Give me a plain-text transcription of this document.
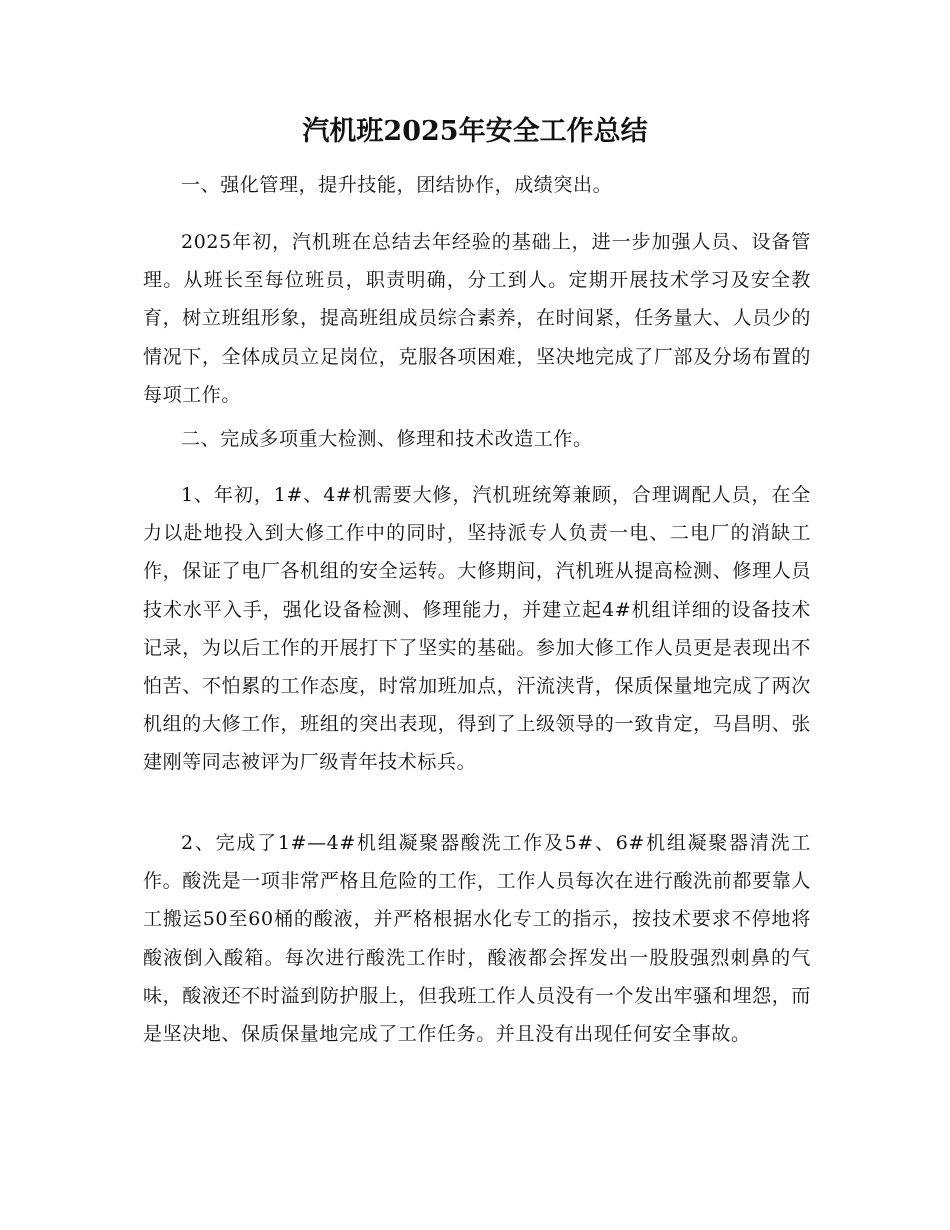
汽机班2025年安全工作总结

一、强化管理，提升技能，团结协作，成绩突出。

2025年初，汽机班在总结去年经验的基础上，进一步加强人员、设备管理。从班长至每位班员，职责明确，分工到人。定期开展技术学习及安全教育，树立班组形象，提高班组成员综合素养，在时间紧，任务量大、人员少的情况下，全体成员立足岗位，克服各项困难，坚决地完成了厂部及分场布置的每项工作。

二、完成多项重大检测、修理和技术改造工作。

1、年初，1#、4#机需要大修，汽机班统筹兼顾，合理调配人员，在全力以赴地投入到大修工作中的同时，坚持派专人负责一电、二电厂的消缺工作，保证了电厂各机组的安全运转。大修期间，汽机班从提高检测、修理人员技术水平入手，强化设备检测、修理能力，并建立起4#机组详细的设备技术记录，为以后工作的开展打下了坚实的基础。参加大修工作人员更是表现出不怕苦、不怕累的工作态度，时常加班加点，汗流浃背，保质保量地完成了两次机组的大修工作，班组的突出表现，得到了上级领导的一致肯定，马昌明、张建刚等同志被评为厂级青年技术标兵。

2、完成了1#—4#机组凝聚器酸洗工作及5#、6#机组凝聚器清洗工作。酸洗是一项非常严格且危险的工作，工作人员每次在进行酸洗前都要靠人工搬运50至60桶的酸液，并严格根据水化专工的指示，按技术要求不停地将酸液倒入酸箱。每次进行酸洗工作时，酸液都会挥发出一股股强烈刺鼻的气味，酸液还不时溢到防护服上，但我班工作人员没有一个发出牢骚和埋怨，而是坚决地、保质保量地完成了工作任务。并且没有出现任何安全事故。
